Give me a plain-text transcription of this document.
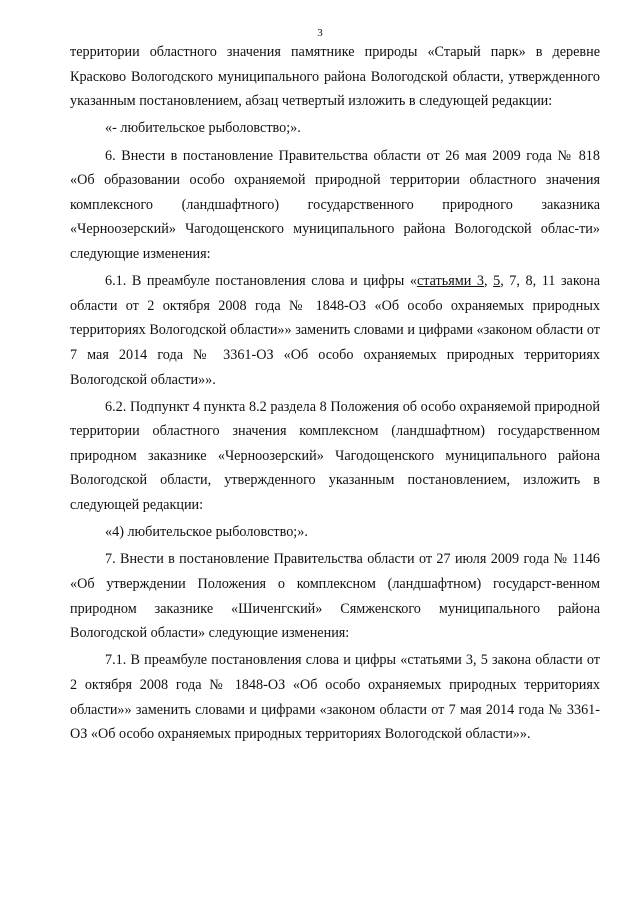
3

территории областного значения памятнике природы «Старый парк» в деревне Красково Вологодского муниципального района Вологодской области, утвержденного указанным постановлением, абзац четвертый изложить в следующей редакции:

«- любительское рыболовство;».

6. Внести в постановление Правительства области от 26 мая 2009 года № 818 «Об образовании особо охраняемой природной территории областного значения комплексного (ландшафтного) государственного природного заказника «Черноозерский» Чагодощенского муниципального района Вологодской облас-ти» следующие изменения:

6.1. В преамбуле постановления слова и цифры «статьями 3, 5, 7, 8, 11 закона области от 2 октября 2008 года № 1848-ОЗ «Об особо охраняемых природных территориях Вологодской области»» заменить словами и цифрами «законом области от 7 мая 2014 года № 3361-ОЗ «Об особо охраняемых природных территориях Вологодской области»».

6.2. Подпункт 4 пункта 8.2 раздела 8 Положения об особо охраняемой природной территории областного значения комплексном (ландшафтном) государственном природном заказнике «Черноозерский» Чагодощенского муниципального района Вологодской области, утвержденного указанным постановлением, изложить в следующей редакции:

«4) любительское рыболовство;».

7. Внести в постановление Правительства области от 27 июля 2009 года № 1146 «Об утверждении Положения о комплексном (ландшафтном) государст-венном природном заказнике «Шиченгский» Сямженского муниципального района Вологодской области» следующие изменения:

7.1. В преамбуле постановления слова и цифры «статьями 3, 5 закона области от 2 октября 2008 года № 1848-ОЗ «Об особо охраняемых природных территориях области»» заменить словами и цифрами «законом области от 7 мая 2014 года № 3361-ОЗ «Об особо охраняемых природных территориях Вологодской области»».
